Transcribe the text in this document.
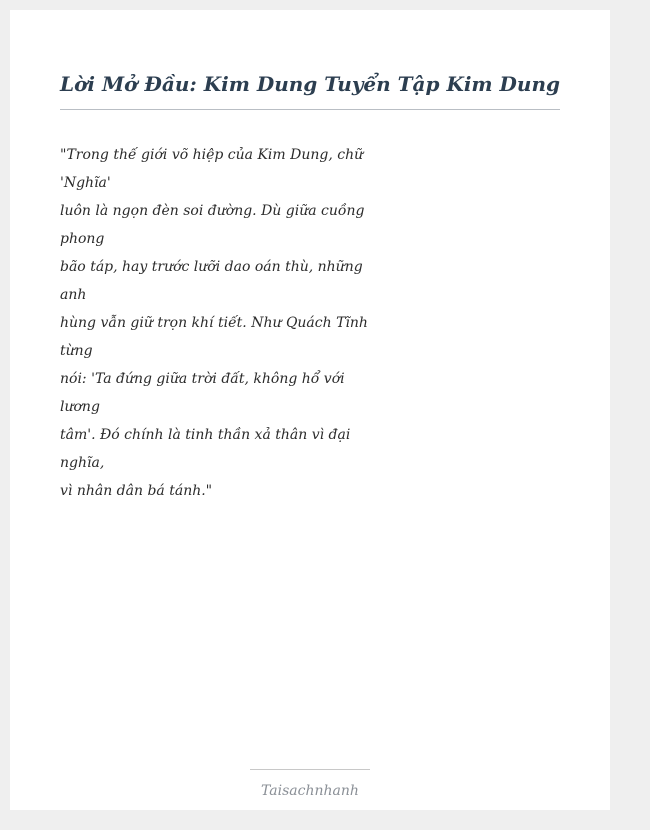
Lời Mở Đầu: Kim Dung Tuyển Tập Kim Dung
"Trong thế giới võ hiệp của Kim Dung, chữ
'Nghĩa'
luôn là ngọn đèn soi đường. Dù giữa cuồng
phong
bão táp, hay trước lưỡi dao oán thù, những
anh
hùng vẫn giữ trọn khí tiết. Như Quách Tĩnh
từng
nói: 'Ta đứng giữa trời đất, không hổ với
lương
tâm'. Đó chính là tinh thần xả thân vì đại
nghĩa,
vì nhân dân bá tánh."
Taisachnhanh
